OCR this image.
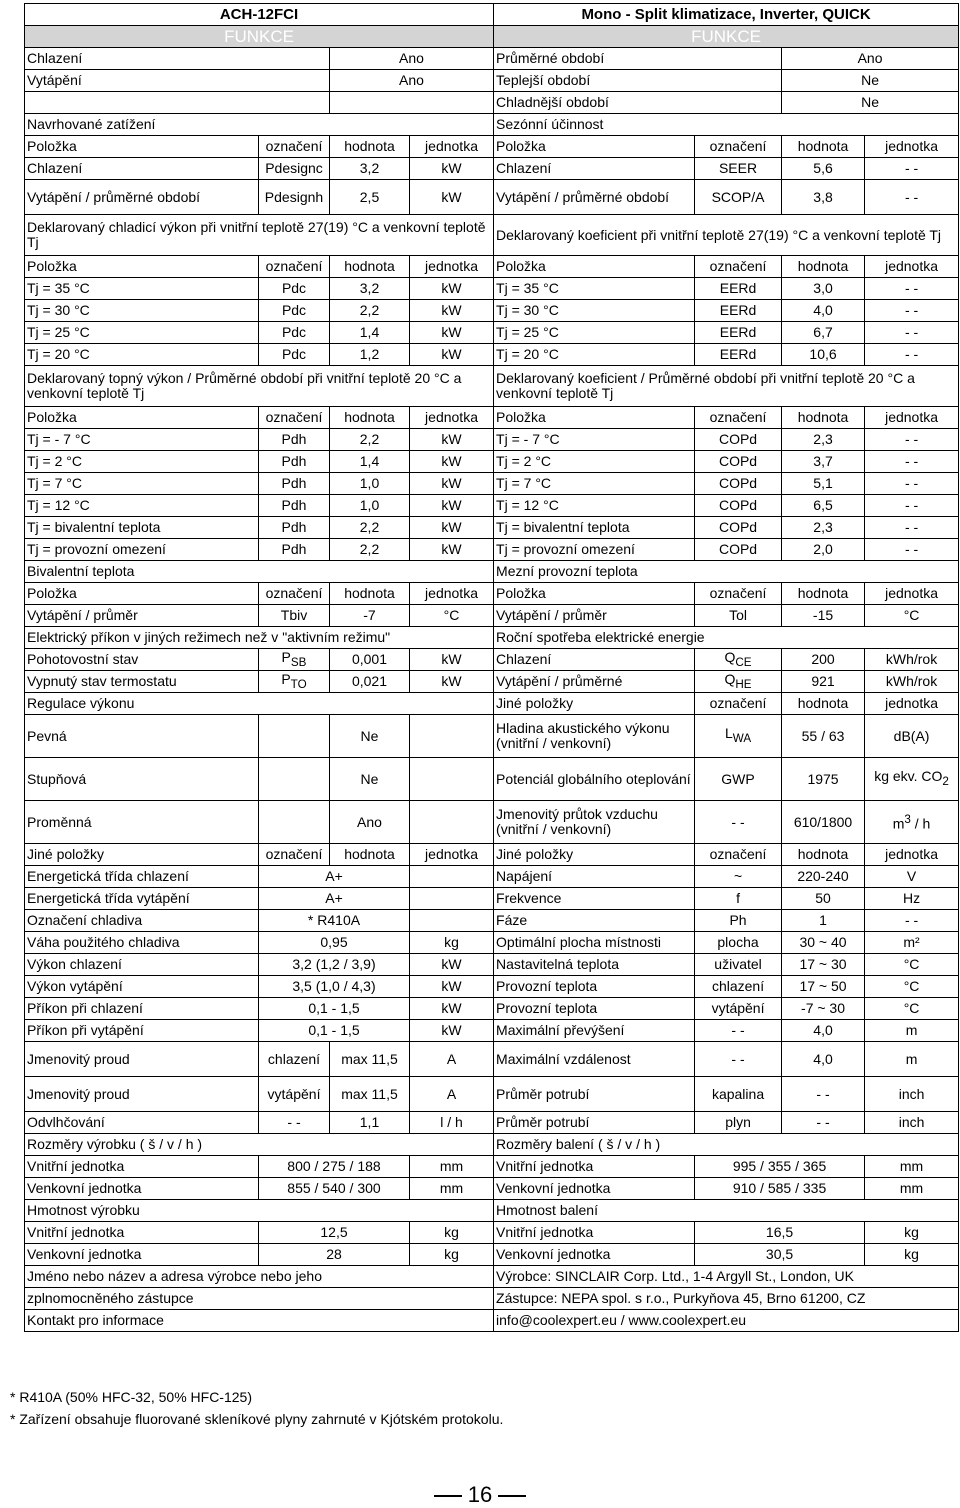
ACH-12FCI				Mono - Split klimatizace, Inverter, QUICK			
FUNKCE				FUNKCE			
Chlazení		Ano		Průměrné období		Ano	
Vytápění		Ano		Teplejší období		Ne	
				Chladnější období		Ne	
Navrhované zatížení				Sezónní účinnost			
Položka	označení	hodnota	jednotka	Položka	označení	hodnota	jednotka
Chlazení	Pdesignc	3,2	kW	Chlazení	SEER	5,6	- -
Vytápění / průměrné období	Pdesignh	2,5	kW	Vytápění / průměrné období	SCOP/A	3,8	- -
Deklarovaný chladicí výkon při vnitřní teplotě 27(19) °C a venkovní teplotě Tj				Deklarovaný koeficient při vnitřní teplotě 27(19) °C a venkovní teplotě Tj			
Položka	označení	hodnota	jednotka	Položka	označení	hodnota	jednotka
Tj = 35 °C	Pdc	3,2	kW	Tj = 35 °C	EERd	3,0	- -
Tj = 30 °C	Pdc	2,2	kW	Tj = 30 °C	EERd	4,0	- -
Tj = 25 °C	Pdc	1,4	kW	Tj = 25 °C	EERd	6,7	- -
Tj = 20 °C	Pdc	1,2	kW	Tj = 20 °C	EERd	10,6	- -
Deklarovaný topný výkon / Průměrné období při vnitřní teplotě 20 °C a venkovní teplotě Tj				Deklarovaný koeficient / Průměrné období při vnitřní teplotě 20 °C a venkovní teplotě Tj			
Položka	označení	hodnota	jednotka	Položka	označení	hodnota	jednotka
Tj = - 7 °C	Pdh	2,2	kW	Tj = - 7 °C	COPd	2,3	- -
Tj = 2 °C	Pdh	1,4	kW	Tj = 2 °C	COPd	3,7	- -
Tj = 7 °C	Pdh	1,0	kW	Tj = 7 °C	COPd	5,1	- -
Tj = 12 °C	Pdh	1,0	kW	Tj = 12 °C	COPd	6,5	- -
Tj = bivalentní teplota	Pdh	2,2	kW	Tj = bivalentní teplota	COPd	2,3	- -
Tj = provozní omezení	Pdh	2,2	kW	Tj = provozní omezení	COPd	2,0	- -
Bivalentní teplota				Mezní provozní teplota			
Položka	označení	hodnota	jednotka	Položka	označení	hodnota	jednotka
Vytápění / průměr	Tbiv	-7	°C	Vytápění / průměr	Tol	-15	°C
Elektrický příkon v jiných režimech než v "aktivním režimu"				Roční spotřeba elektrické energie			
Pohotovostní stav	$P_{SB}$	0,001	kW	Chlazení	$Q_{CE}$	200	kWh/rok
Vypnutý stav termostatu	$P_{TO}$	0,021	kW	Vytápění / průměrné	$Q_{HE}$	921	kWh/rok
Regulace výkonu				Jiné položky	označení	hodnota	jednotka
Pevná		Ne		Hladina akustického výkonu (vnitřní / venkovní)	$L_{WA}$	55 / 63	dB(A)
Stupňová		Ne		Potenciál globálního oteplování	GWP	1975	kg ekv. $CO_2$
Proměnná		Ano		Jmenovitý průtok vzduchu (vnitřní / venkovní)	- -	610/1800	$m^3$ / h
Jiné položky	označení	hodnota	jednotka	Jiné položky	označení	hodnota	jednotka
Energetická třída chlazení	A+			Napájení	~	220-240	V
Energetická třída vytápění	A+			Frekvence	f	50	Hz
Označení chladiva	* R410A			Fáze	Ph	1	- -
Váha použitého chladiva	0,95		kg	Optimální plocha místnosti	plocha	30 ~ 40	m²
Výkon chlazení	3,2 (1,2 / 3,9)		kW	Nastavitelná teplota	uživatel	17 ~ 30	°C
Výkon vytápění	3,5 (1,0 / 4,3)		kW	Provozní teplota	chlazení	17 ~ 50	°C
Příkon při chlazení	0,1 - 1,5		kW	Provozní teplota	vytápění	-7 ~ 30	°C
Příkon při vytápění	0,1 - 1,5		kW	Maximální převýšení	- -	4,0	m
Jmenovitý proud	chlazení	max 11,5	A	Maximální vzdálenost	- -	4,0	m
Jmenovitý proud	vytápění	max 11,5	A	Průměr potrubí	kapalina	- -	inch
Odvlhčování	- -	1,1	l / h	Průměr potrubí	plyn	- -	inch
Rozměry výrobku ( š / v / h )				Rozměry balení ( š / v / h )			
Vnitřní jednotka	800 / 275 / 188		mm	Vnitřní jednotka	995 / 355 / 365		mm
Venkovní jednotka	855 / 540 / 300		mm	Venkovní jednotka	910 / 585 / 335		mm
Hmotnost výrobku				Hmotnost balení			
Vnitřní jednotka	12,5		kg	Vnitřní jednotka	16,5		kg
Venkovní jednotka	28		kg	Venkovní jednotka	30,5		kg
Jméno nebo název a adresa výrobce nebo jeho				Výrobce: SINCLAIR Corp. Ltd., 1-4 Argyll St., London, UK			
zplnomocněného zástupce				Zástupce: NEPA spol. s r.o., Purkyňova 45, Brno 61200, CZ			
Kontakt pro informace				info@coolexpert.eu / www.coolexpert.eu			
* R410A (50% HFC-32, 50% HFC-125)
* Zařízení obsahuje fluorované skleníkové plyny zahrnuté v Kjótském protokolu.
16
